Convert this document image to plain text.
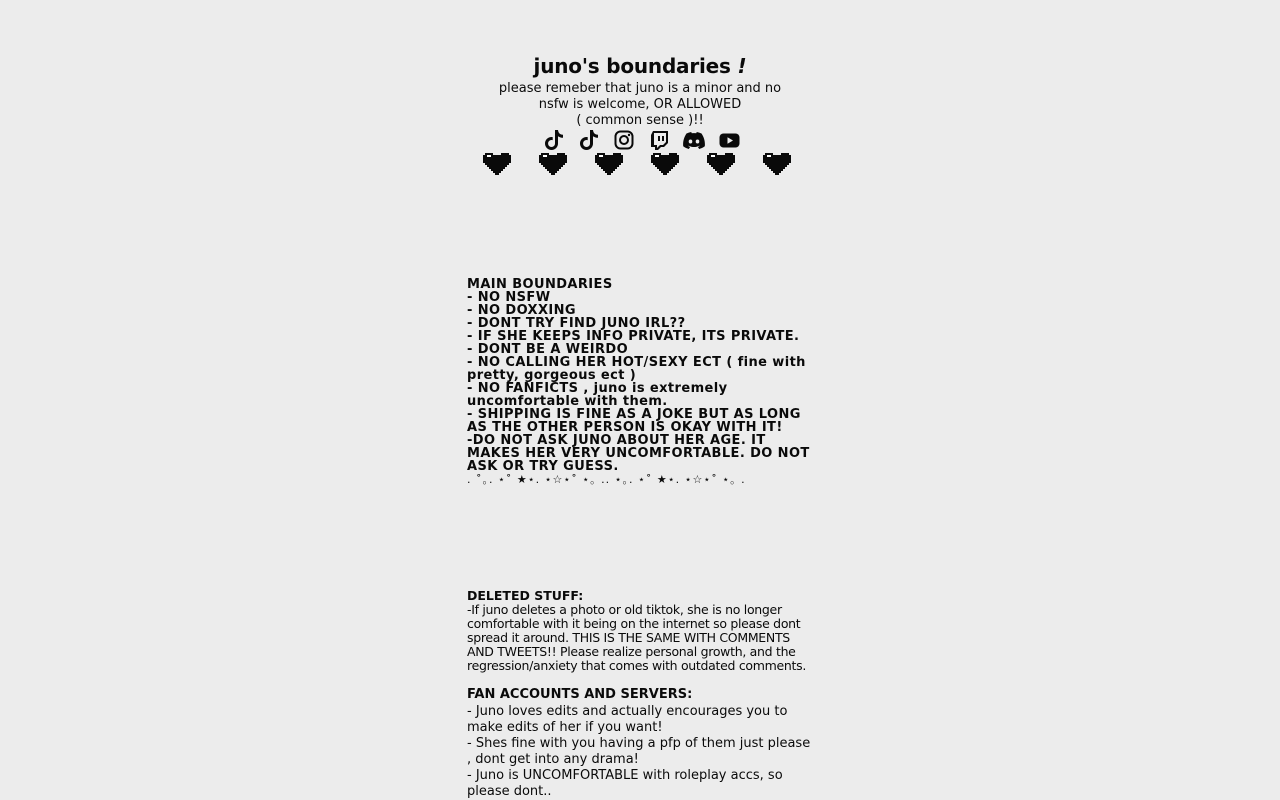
juno's boundaries !
please remeber that juno is a minor and no
nsfw is welcome, OR ALLOWED
( common sense )!!
MAIN BOUNDARIES
- NO NSFW
- NO DOXXING
- DONT TRY FIND JUNO IRL??
- IF SHE KEEPS INFO PRIVATE, ITS PRIVATE.
- DONT BE A WEIRDO
- NO CALLING HER HOT/SEXY ECT ( fine with pretty, gorgeous ect )
- NO FANFICTS , juno is extremely uncomfortable with them.
- SHIPPING IS FINE AS A JOKE BUT AS LONG AS THE OTHER PERSON IS OKAY WITH IT!
-DO NOT ASK JUNO ABOUT HER AGE. IT MAKES HER VERY UNCOMFORTABLE. DO NOT ASK OR TRY GUESS.
. ˚｡. ⋆˚ ★⋆. ⋆☆⋆˚ ⋆｡ .. ⋆｡. ⋆˚ ★⋆. ⋆☆⋆˚ ⋆｡ .
DELETED STUFF:
-If juno deletes a photo or old tiktok, she is no longer comfortable with it being on the internet so please dont spread it around. THIS IS THE SAME WITH COMMENTS AND TWEETS!! Please realize personal growth, and the regression/anxiety that comes with outdated comments.
FAN ACCOUNTS AND SERVERS:
- Juno loves edits and actually encourages you to make edits of her if you want!
- Shes fine with you having a pfp of them just please , dont get into any drama!
- Juno is UNCOMFORTABLE with roleplay accs, so please dont..
